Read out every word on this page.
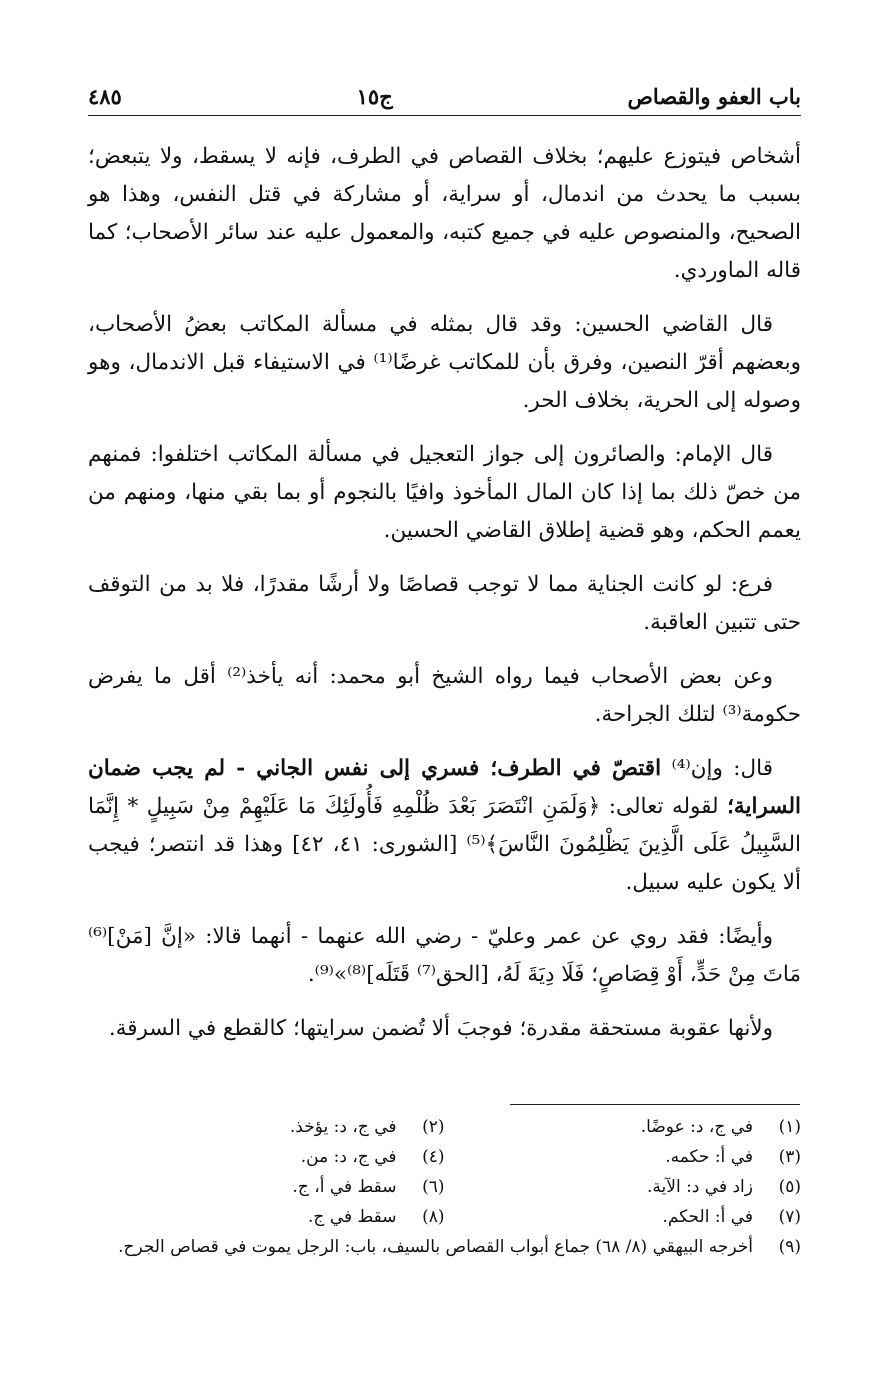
باب العفو والقصاص
ج١٥
٤٨٥

أشخاص فيتوزع عليهم؛ بخلاف القصاص في الطرف، فإنه لا يسقط، ولا يتبعض؛ بسبب ما يحدث من اندمال، أو سراية، أو مشاركة في قتل النفس، وهذا هو الصحيح، والمنصوص عليه في جميع كتبه، والمعمول عليه عند سائر الأصحاب؛ كما قاله الماوردي.

قال القاضي الحسين: وقد قال بمثله في مسألة المكاتب بعضُ الأصحاب، وبعضهم أقرّ النصين، وفرق بأن للمكاتب غرضًا⁽¹⁾ في الاستيفاء قبل الاندمال، وهو وصوله إلى الحرية، بخلاف الحر.

قال الإمام: والصائرون إلى جواز التعجيل في مسألة المكاتب اختلفوا: فمنهم من خصّ ذلك بما إذا كان المال المأخوذ وافيًا بالنجوم أو بما بقي منها، ومنهم من يعمم الحكم، وهو قضية إطلاق القاضي الحسين.

فرع: لو كانت الجناية مما لا توجب قصاصًا ولا أرشًا مقدرًا، فلا بد من التوقف حتى تتبين العاقبة.

وعن بعض الأصحاب فيما رواه الشيخ أبو محمد: أنه يأخذ⁽²⁾ أقل ما يفرض حكومة⁽³⁾ لتلك الجراحة.

قال: وإن⁽⁴⁾ اقتصّ في الطرف؛ فسري إلى نفس الجاني - لم يجب ضمان السراية؛ لقوله تعالى: ﴿وَلَمَنِ انْتَصَرَ بَعْدَ ظُلْمِهِ فَأُولَئِكَ مَا عَلَيْهِمْ مِنْ سَبِيلٍ * إِنَّمَا السَّبِيلُ عَلَى الَّذِينَ يَظْلِمُونَ النَّاسَ﴾⁽⁵⁾ [الشورى: ٤١، ٤٢] وهذا قد انتصر؛ فيجب ألا يكون عليه سبيل.

وأيضًا: فقد روي عن عمر وعليّ - رضي الله عنهما - أنهما قالا: «إنَّ [مَنْ]⁽⁶⁾ مَاتَ مِنْ حَدٍّ، أَوْ قِصَاصٍ؛ فَلَا دِيَةَ لَهُ، [الحق⁽⁷⁾ قَتَلَه]⁽⁸⁾»⁽⁹⁾.

ولأنها عقوبة مستحقة مقدرة؛ فوجبَ ألا تُضمن سرايتها؛ كالقطع في السرقة.

(١)
في ج، د: عوضًا.
(٢)
في ج، د: يؤخذ.
(٣)
في أ: حكمه.
(٤)
في ج، د: من.
(٥)
زاد في د: الآية.
(٦)
سقط في أ، ج.
(٧)
في أ: الحكم.
(٨)
سقط في ج.
(٩)
أخرجه البيهقي (٨/ ٦٨) جماع أبواب القصاص بالسيف، باب: الرجل يموت في قصاص الجرح.
